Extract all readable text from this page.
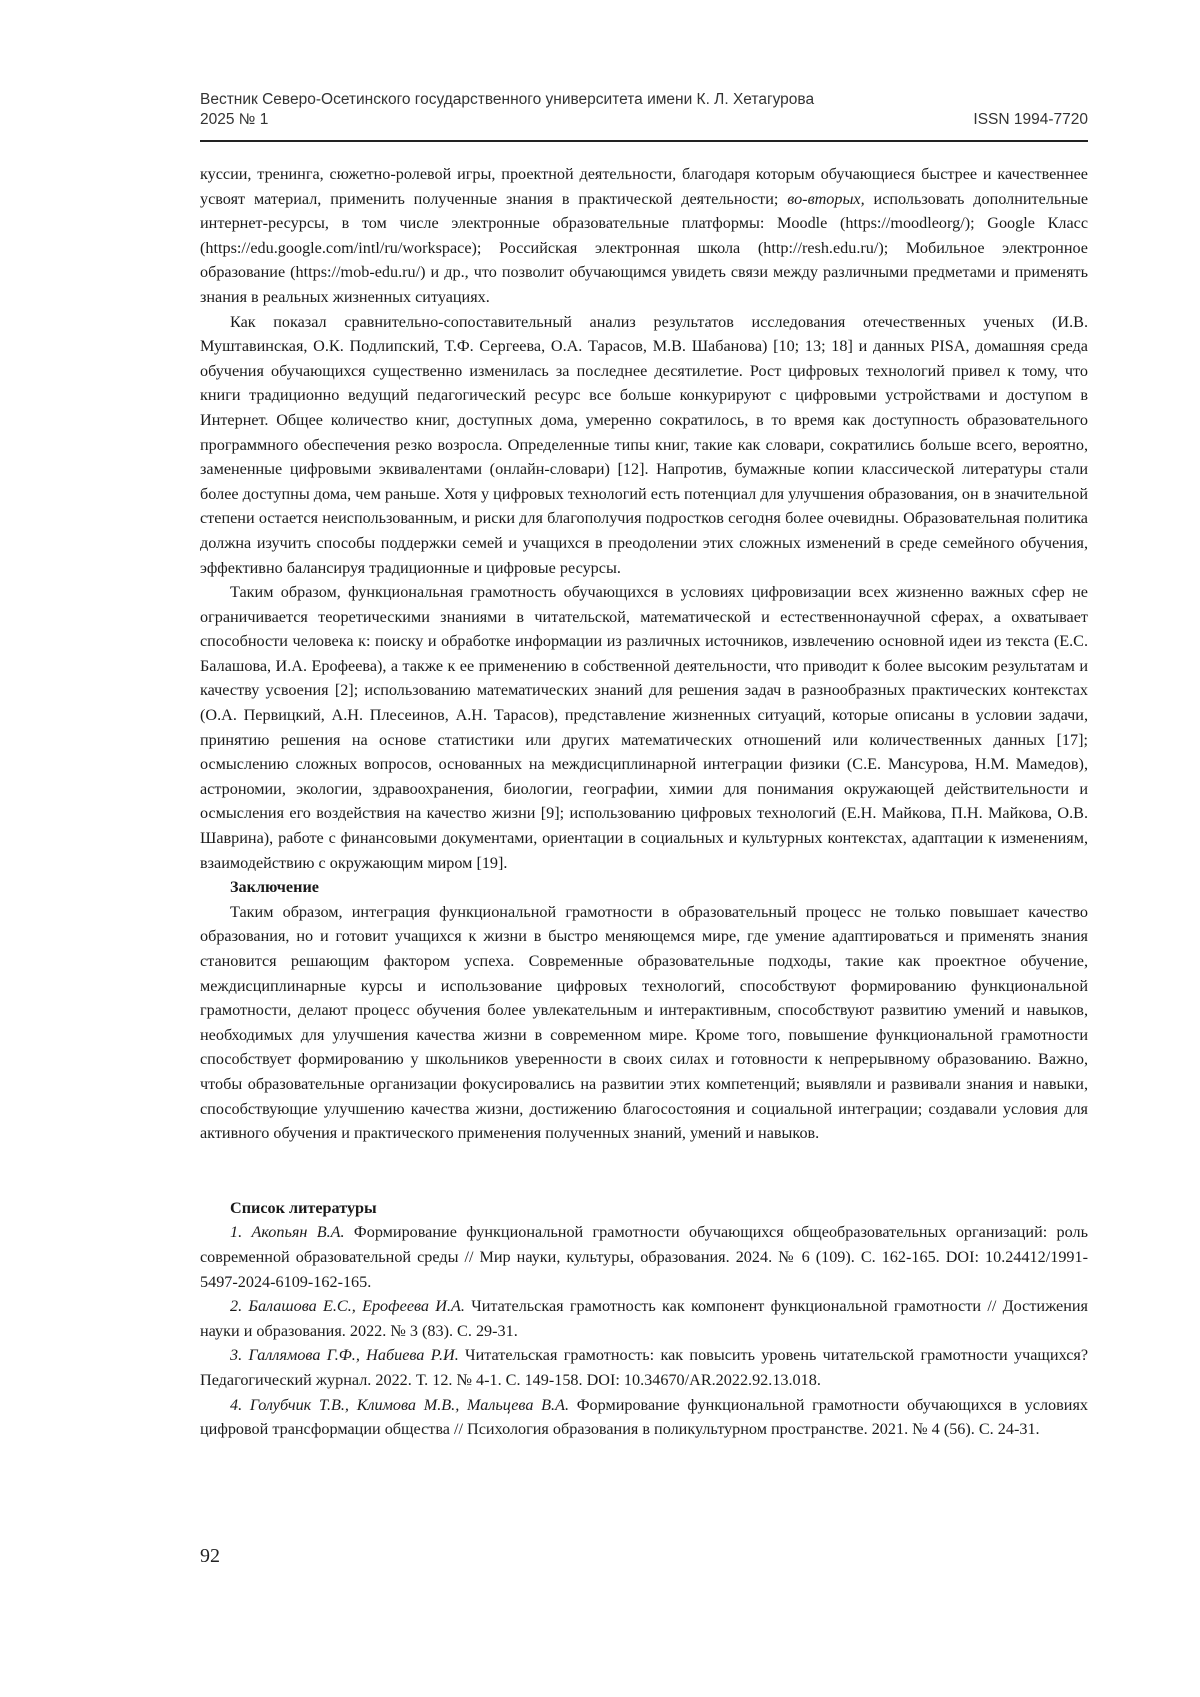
Вестник Северо-Осетинского государственного университета имени К. Л. Хетагурова
2025 № 1	ISSN 1994-7720

куссии, тренинга, сюжетно-ролевой игры, проектной деятельности, благодаря которым обучающиеся быстрее и качественнее усвоят материал, применить полученные знания в практической деятельности; во-вторых, использовать дополнительные интернет-ресурсы, в том числе электронные образовательные платформы: Moodle (https://moodleorg/); Google Класс (https://edu.google.com/intl/ru/workspace); Российская электронная школа (http://resh.edu.ru/); Мобильное электронное образование (https://mob-edu.ru/) и др., что позволит обучающимся увидеть связи между различными предметами и применять знания в реальных жизненных ситуациях.

Как показал сравнительно-сопоставительный анализ результатов исследования отечественных ученых (И.В. Муштавинская, О.К. Подлипский, Т.Ф. Сергеева, О.А. Тарасов, М.В. Шабанова) [10; 13; 18] и данных PISA, домашняя среда обучения обучающихся существенно изменилась за последнее десятилетие. Рост цифровых технологий привел к тому, что книги традиционно ведущий педагогический ресурс все больше конкурируют с цифровыми устройствами и доступом в Интернет. Общее количество книг, доступных дома, умеренно сократилось, в то время как доступность образовательного программного обеспечения резко возросла. Определенные типы книг, такие как словари, сократились больше всего, вероятно, замененные цифровыми эквивалентами (онлайн-словари) [12]. Напротив, бумажные копии классической литературы стали более доступны дома, чем раньше. Хотя у цифровых технологий есть потенциал для улучшения образования, он в значительной степени остается неиспользованным, и риски для благополучия подростков сегодня более очевидны. Образовательная политика должна изучить способы поддержки семей и учащихся в преодолении этих сложных изменений в среде семейного обучения, эффективно балансируя традиционные и цифровые ресурсы.

Таким образом, функциональная грамотность обучающихся в условиях цифровизации всех жизненно важных сфер не ограничивается теоретическими знаниями в читательской, математической и естественнонаучной сферах, а охватывает способности человека к: поиску и обработке информации из различных источников, извлечению основной идеи из текста (Е.С. Балашова, И.А. Ерофеева), а также к ее применению в собственной деятельности, что приводит к более высоким результатам и качеству усвоения [2]; использованию математических знаний для решения задач в разнообразных практических контекстах (О.А. Первицкий, А.Н. Плесеинов, А.Н. Тарасов), представление жизненных ситуаций, которые описаны в условии задачи, принятию решения на основе статистики или других математических отношений или количественных данных [17]; осмыслению сложных вопросов, основанных на междисциплинарной интеграции физики (С.Е. Мансурова, Н.М. Мамедов), астрономии, экологии, здравоохранения, биологии, географии, химии для понимания окружающей действительности и осмысления его воздействия на качество жизни [9]; использованию цифровых технологий (Е.Н. Майкова, П.Н. Майкова, О.В. Шаврина), работе с финансовыми документами, ориентации в социальных и культурных контекстах, адаптации к изменениям, взаимодействию с окружающим миром [19].

Заключение

Таким образом, интеграция функциональной грамотности в образовательный процесс не только повышает качество образования, но и готовит учащихся к жизни в быстро меняющемся мире, где умение адаптироваться и применять знания становится решающим фактором успеха. Современные образовательные подходы, такие как проектное обучение, междисциплинарные курсы и использование цифровых технологий, способствуют формированию функциональной грамотности, делают процесс обучения более увлекательным и интерактивным, способствуют развитию умений и навыков, необходимых для улучшения качества жизни в современном мире. Кроме того, повышение функциональной грамотности способствует формированию у школьников уверенности в своих силах и готовности к непрерывному образованию. Важно, чтобы образовательные организации фокусировались на развитии этих компетенций; выявляли и развивали знания и навыки, способствующие улучшению качества жизни, достижению благосостояния и социальной интеграции; создавали условия для активного обучения и практического применения полученных знаний, умений и навыков.

Список литературы

1. Акопьян В.А. Формирование функциональной грамотности обучающихся общеобразовательных организаций: роль современной образовательной среды // Мир науки, культуры, образования. 2024. № 6 (109). С. 162-165. DOI: 10.24412/1991-5497-2024-6109-162-165.

2. Балашова Е.С., Ерофеева И.А. Читательская грамотность как компонент функциональной грамотности // Достижения науки и образования. 2022. № 3 (83). С. 29-31.

3. Галлямова Г.Ф., Набиева Р.И. Читательская грамотность: как повысить уровень читательской грамотности учащихся? Педагогический журнал. 2022. Т. 12. № 4-1. С. 149-158. DOI: 10.34670/AR.2022.92.13.018.

4. Голубчик Т.В., Климова М.В., Мальцева В.А. Формирование функциональной грамотности обучающихся в условиях цифровой трансформации общества // Психология образования в поликультурном пространстве. 2021. № 4 (56). С. 24-31.

92
